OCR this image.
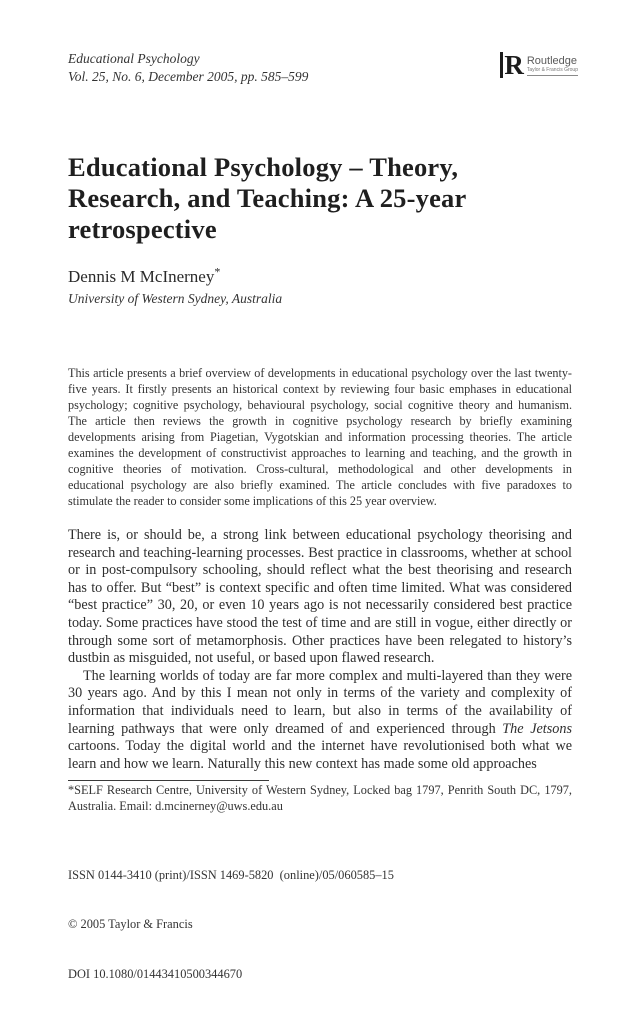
Educational Psychology
Vol. 25, No. 6, December 2005, pp. 585–599	R Routledge
Taylor & Francis Group
Educational Psychology – Theory, Research, and Teaching: A 25-year retrospective
Dennis M McInerney*
University of Western Sydney, Australia

This article presents a brief overview of developments in educational psychology over the last twenty-five years. It firstly presents an historical context by reviewing four basic emphases in educational psychology; cognitive psychology, behavioural psychology, social cognitive theory and humanism. The article then reviews the growth in cognitive psychology research by briefly examining developments arising from Piagetian, Vygotskian and information processing theories. The article examines the development of constructivist approaches to learning and teaching, and the growth in cognitive theories of motivation. Cross-cultural, methodological and other developments in educational psychology are also briefly examined. The article concludes with five paradoxes to stimulate the reader to consider some implications of this 25 year overview.

There is, or should be, a strong link between educational psychology theorising and research and teaching-learning processes. Best practice in classrooms, whether at school or in post-compulsory schooling, should reflect what the best theorising and research has to offer. But “best” is context specific and often time limited. What was considered “best practice” 30, 20, or even 10 years ago is not necessarily considered best practice today. Some practices have stood the test of time and are still in vogue, either directly or through some sort of metamorphosis. Other practices have been relegated to history’s dustbin as misguided, not useful, or based upon flawed research.

The learning worlds of today are far more complex and multi-layered than they were 30 years ago. And by this I mean not only in terms of the variety and complexity of information that individuals need to learn, but also in terms of the availability of learning pathways that were only dreamed of and experienced through The Jetsons cartoons. Today the digital world and the internet have revolutionised both what we learn and how we learn. Naturally this new context has made some old approaches

*SELF Research Centre, University of Western Sydney, Locked bag 1797, Penrith South DC, 1797, Australia. Email: d.mcinerney@uws.edu.au

ISSN 0144-3410 (print)/ISSN 1469-5820  (online)/05/060585–15

© 2005 Taylor & Francis

DOI 10.1080/01443410500344670
